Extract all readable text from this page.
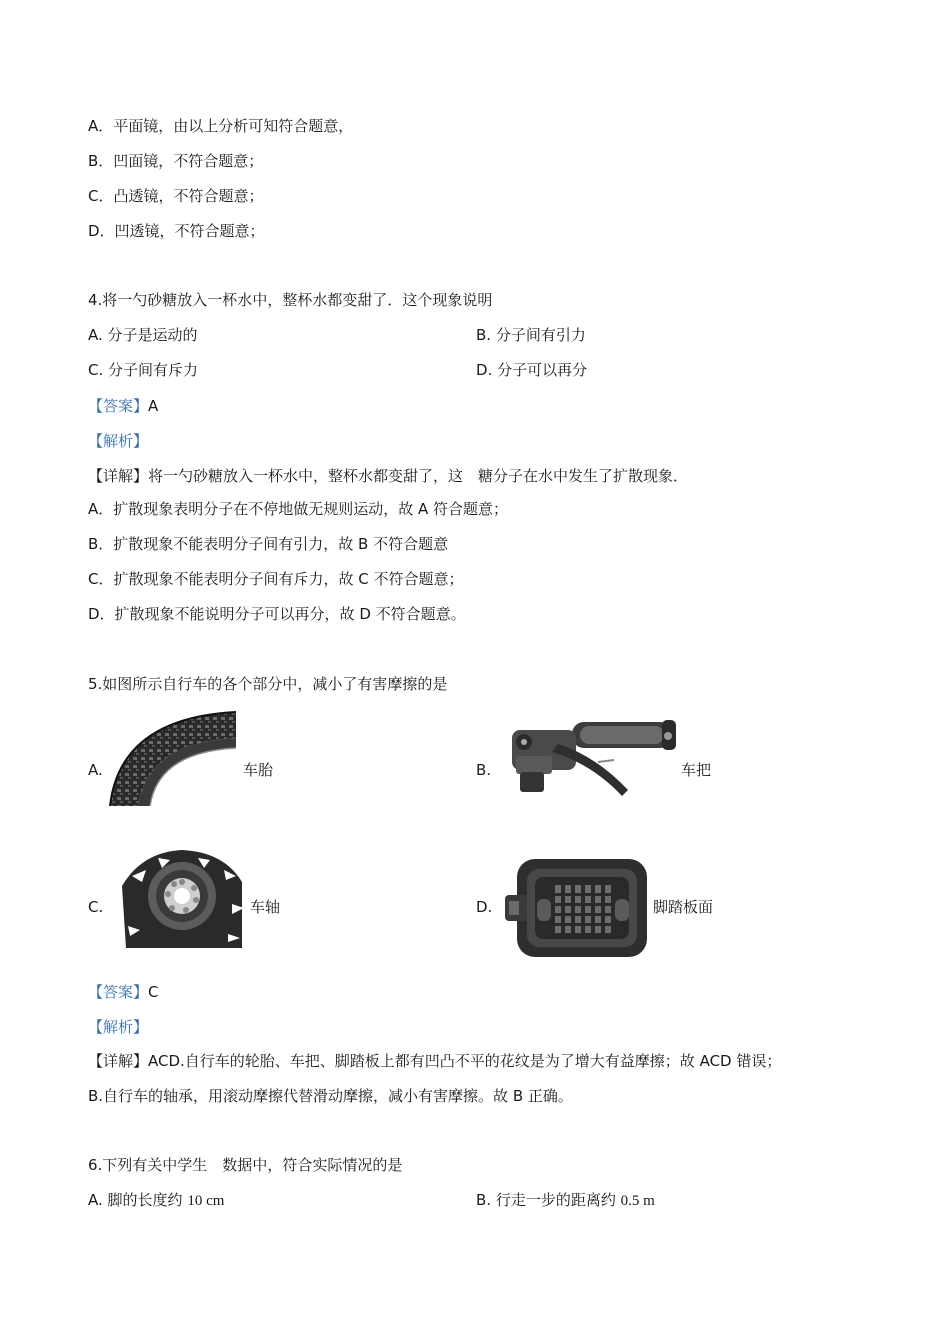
A．平面镜，由以上分析可知符合题意，
B．凹面镜，不符合题意；
C．凸透镜，不符合题意；
D．凹透镜，不符合题意；
4.将一勺砂糖放入一杯水中，整杯水都变甜了．这个现象说明
A. 分子是运动的	B. 分子间有引力
C. 分子间有斥力	D. 分子可以再分
【答案】A
【解析】
【详解】将一勺砂糖放入一杯水中，整杯水都变甜了，这　糖分子在水中发生了扩散现象．
A．扩散现象表明分子在不停地做无规则运动，故 A 符合题意；
B．扩散现象不能表明分子间有引力，故 B 不符合题意
C．扩散现象不能表明分子间有斥力，故 C 不符合题意；
D．扩散现象不能说明分子可以再分，故 D 不符合题意。
5.如图所示自行车的各个部分中，减小了有害摩擦的是
A.	车胎	B.	车把
C.	车轴	D.	脚踏板面
【答案】C
【解析】
【详解】ACD.自行车的轮胎、车把、脚踏板上都有凹凸不平的花纹是为了增大有益摩擦；故 ACD 错误；
B.自行车的轴承，用滚动摩擦代替滑动摩擦，减小有害摩擦。故 B 正确。
6.下列有关中学生　数据中，符合实际情况的是
A. 脚的长度约 10 cm	B. 行走一步的距离约 0.5 m
